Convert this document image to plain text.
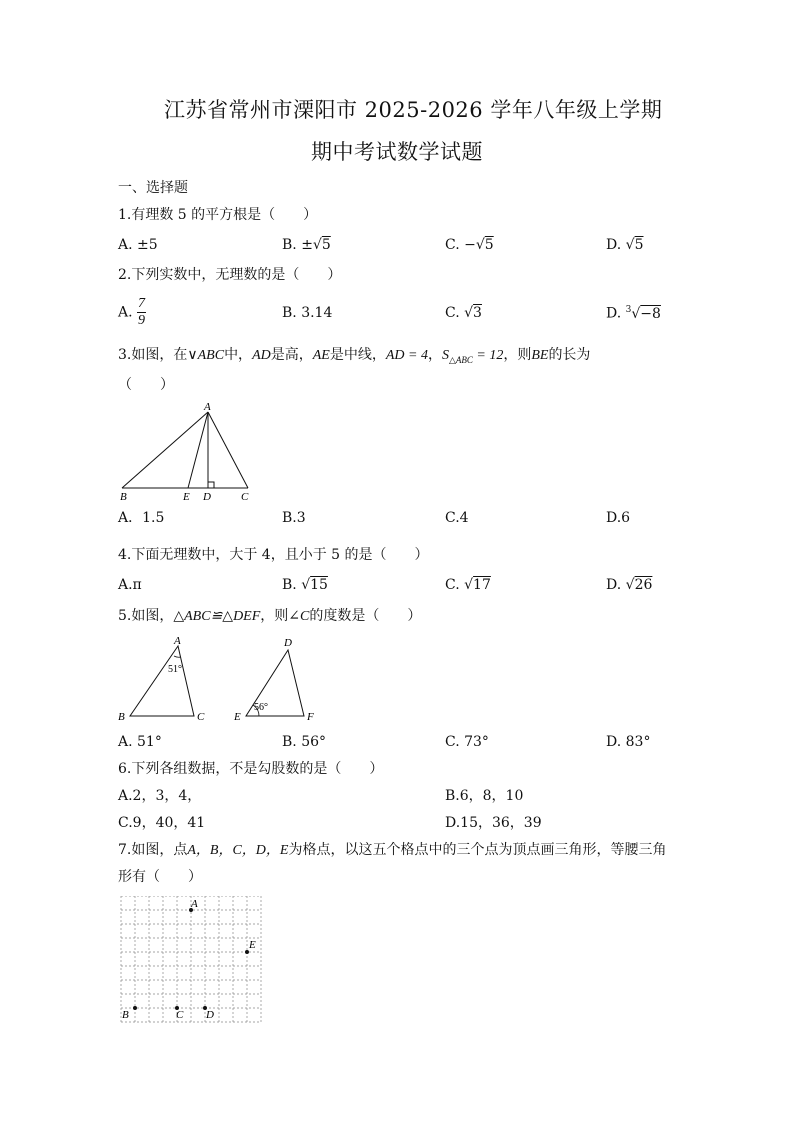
江苏省常州市溧阳市 2025-2026 学年八年级上学期
期中考试数学试题
一、选择题
1.有理数 5 的平方根是（　　）
A. ±5	B. ±√5	C. −√5	D. √5
2.下列实数中，无理数的是（　　）
A. $\frac{7}{9}$	B. 3.14	C. √3	D. $^3$√−8
3.如图，在∨ABC中，AD是高，AE是中线，AD = 4，$S_{\triangle ABC} = 12$，则BE的长为
（　　）
A
B	E D	C
A．1.5	B.3	C.4	D.6
4.下面无理数中，大于 4，且小于 5 的是（　　）
A.π	B. √15	C. √17	D. √26
5.如图，△ABC≌△DEF，则∠C的度数是（　　）
A
51°
B	C
D
56°
E	F
A. 51°	B. 56°	C. 73°	D. 83°
6.下列各组数据，不是勾股数的是（　　）
A.2，3，4，	B.6，8，10
C.9，40，41	D.15，36，39
7.如图，点A，B，C，D，E为格点，以这五个格点中的三个点为顶点画三角形，等腰三角
形有（　　）
A
E
B	C D
